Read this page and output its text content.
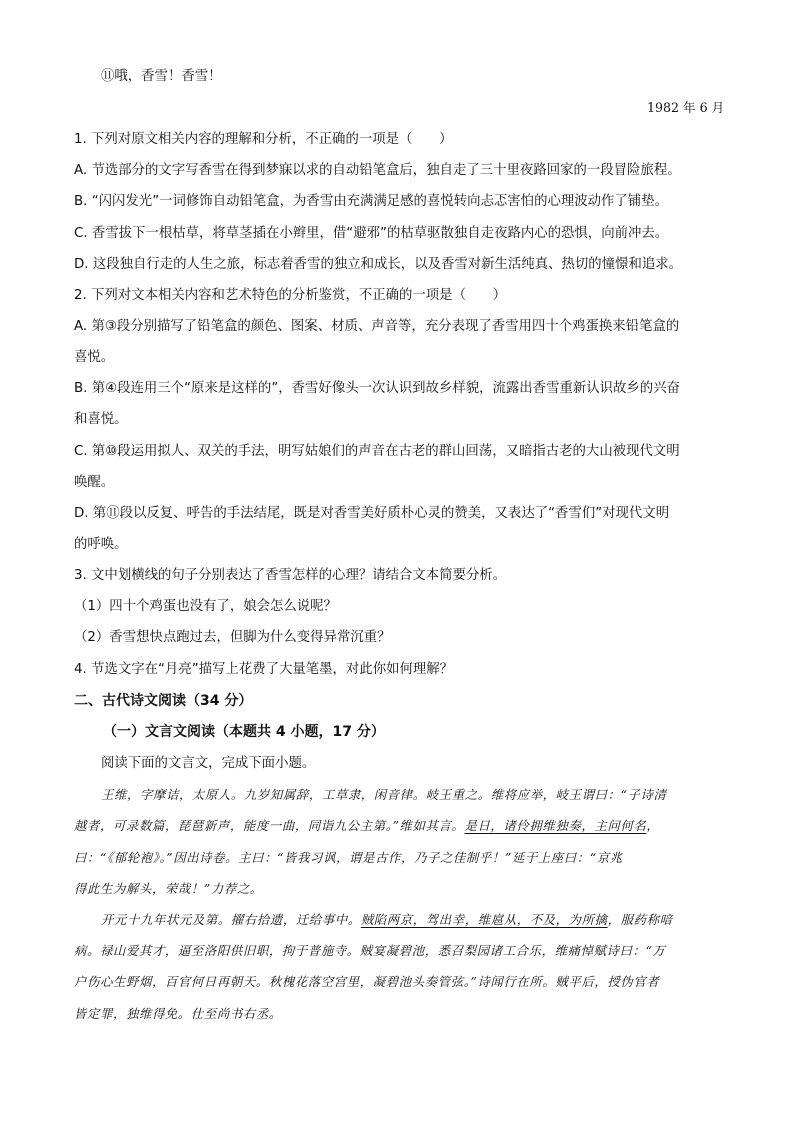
⑪哦，香雪！香雪！
1982 年 6 月
1. 下列对原文相关内容的理解和分析，不正确的一项是（　　）
A. 节选部分的文字写香雪在得到梦寐以求的自动铅笔盒后，独自走了三十里夜路回家的一段冒险旅程。
B. “闪闪发光”一词修饰自动铅笔盒，为香雪由充满满足感的喜悦转向忐忑害怕的心理波动作了铺垫。
C. 香雪拔下一根枯草，将草茎插在小辫里，借“避邪”的枯草驱散独自走夜路内心的恐惧，向前冲去。
D. 这段独自行走的人生之旅，标志着香雪的独立和成长，以及香雪对新生活纯真、热切的憧憬和追求。
2. 下列对文本相关内容和艺术特色的分析鉴赏，不正确的一项是（　　）
A. 第③段分别描写了铅笔盒的颜色、图案、材质、声音等，充分表现了香雪用四十个鸡蛋换来铅笔盒的
喜悦。
B. 第④段连用三个“原来是这样的”，香雪好像头一次认识到故乡样貌，流露出香雪重新认识故乡的兴奋
和喜悦。
C. 第⑩段运用拟人、双关的手法，明写姑娘们的声音在古老的群山回荡，又暗指古老的大山被现代文明
唤醒。
D. 第⑪段以反复、呼告的手法结尾，既是对香雪美好质朴心灵的赞美，又表达了“香雪们”对现代文明
的呼唤。
3. 文中划横线的句子分别表达了香雪怎样的心理？请结合文本简要分析。
（1）四十个鸡蛋也没有了，娘会怎么说呢？
（2）香雪想快点跑过去，但脚为什么变得异常沉重？
4. 节选文字在“月亮”描写上花费了大量笔墨，对此你如何理解？
二、古代诗文阅读（34 分）
（一）文言文阅读（本题共 4 小题，17 分）
阅读下面的文言文，完成下面小题。
王维，字摩诘，太原人。九岁知属辞，工草隶，闲音律。岐王重之。维将应举，岐王谓曰：“子诗清
越者，可录数篇，琵琶新声，能度一曲，同诣九公主第。”维如其言。是日，诸伶拥维独奏，主问何名，
曰：“《郁轮袍》。”因出诗卷。主曰：“皆我习讽，谓是古作，乃子之佳制乎！”延于上座曰：“京兆
得此生为解头，荣哉！”力荐之。
开元十九年状元及第。擢右拾遗，迁给事中。贼陷两京，驾出幸，维扈从，不及，为所擒，服药称喑
病。禄山爱其才，逼至洛阳供旧职，拘于普施寺。贼宴凝碧池，悉召梨园诸工合乐，维痛悼赋诗曰：“万
户伤心生野烟，百官何日再朝天。秋槐花落空宫里，凝碧池头奏管弦。”诗闻行在所。贼平后，授伪官者
皆定罪，独维得免。仕至尚书右丞。
